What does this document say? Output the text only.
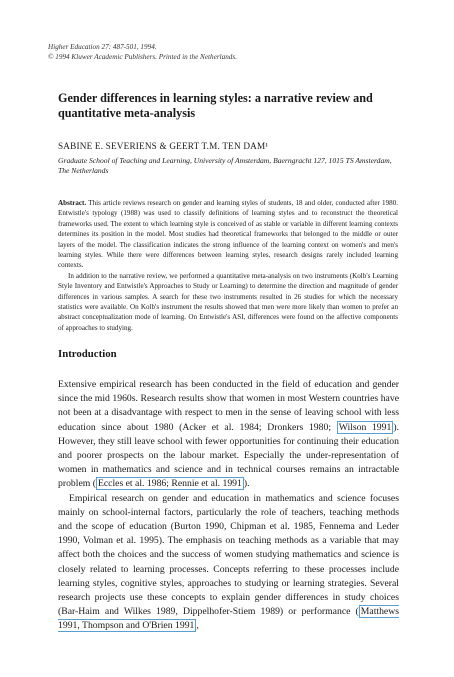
Higher Education 27: 487-501, 1994.
© 1994 Kluwer Academic Publishers. Printed in the Netherlands.
Gender differences in learning styles: a narrative review and quantitative meta-analysis
SABINE E. SEVERIENS & GEERT T.M. TEN DAM¹
Graduate School of Teaching and Learning, University of Amsterdam, Baerngracht 127, 1015 TS Amsterdam, The Netherlands

Abstract. This article reviews research on gender and learning styles of students, 18 and older, conducted after 1980. Entwistle's typology (1988) was used to classify definitions of learning styles and to reconstruct the theoretical frameworks used. The extent to which learning style is conceived of as stable or variable in different learning contexts determines its position in the model. Most studies had theoretical frameworks that belonged to the middle or outer layers of the model. The classification indicates the strong influence of the learning context on women's and men's learning styles. While there were differences between learning styles, research designs rarely included learning contexts.

In addition to the narrative review, we performed a quantitative meta-analysis on two instruments (Kolb's Learning Style Inventory and Entwistle's Approaches to Study or Learning) to determine the direction and magnitude of gender differences in various samples. A search for these two instruments resulted in 26 studies for which the necessary statistics were available. On Kolb's instrument the results showed that men were more likely than women to prefer an abstract conceptualization mode of learning. On Entwistle's ASI, differences were found on the affective components of approaches to studying.

Introduction

Extensive empirical research has been conducted in the field of education and gender since the mid 1960s. Research results show that women in most Western countries have not been at a disadvantage with respect to men in the sense of leaving school with less education since about 1980 (Acker et al. 1984; Dronkers 1980; Wilson 1991 ). However, they still leave school with fewer opportunities for continuing their education and poorer prospects on the labour market. Especially the under-representation of women in mathematics and science and in technical courses remains an intractable problem ( Eccles et al. 1986; Rennie et al. 1991 ).

Empirical research on gender and education in mathematics and science focuses mainly on school-internal factors, particularly the role of teachers, teaching methods and the scope of education (Burton 1990, Chipman et al. 1985, Fennema and Leder 1990, Volman et al. 1995). The emphasis on teaching methods as a variable that may affect both the choices and the success of women studying mathematics and science is closely related to learning processes. Concepts referring to these processes include learning styles, cognitive styles, approaches to studying or learning strategies. Several research projects use these concepts to explain gender differences in study choices (Bar-Haim and Wilkes 1989, Dippelhofer-Stiem 1989) or performance ( Matthews 1991, Thompson and O'Brien 1991 ,
